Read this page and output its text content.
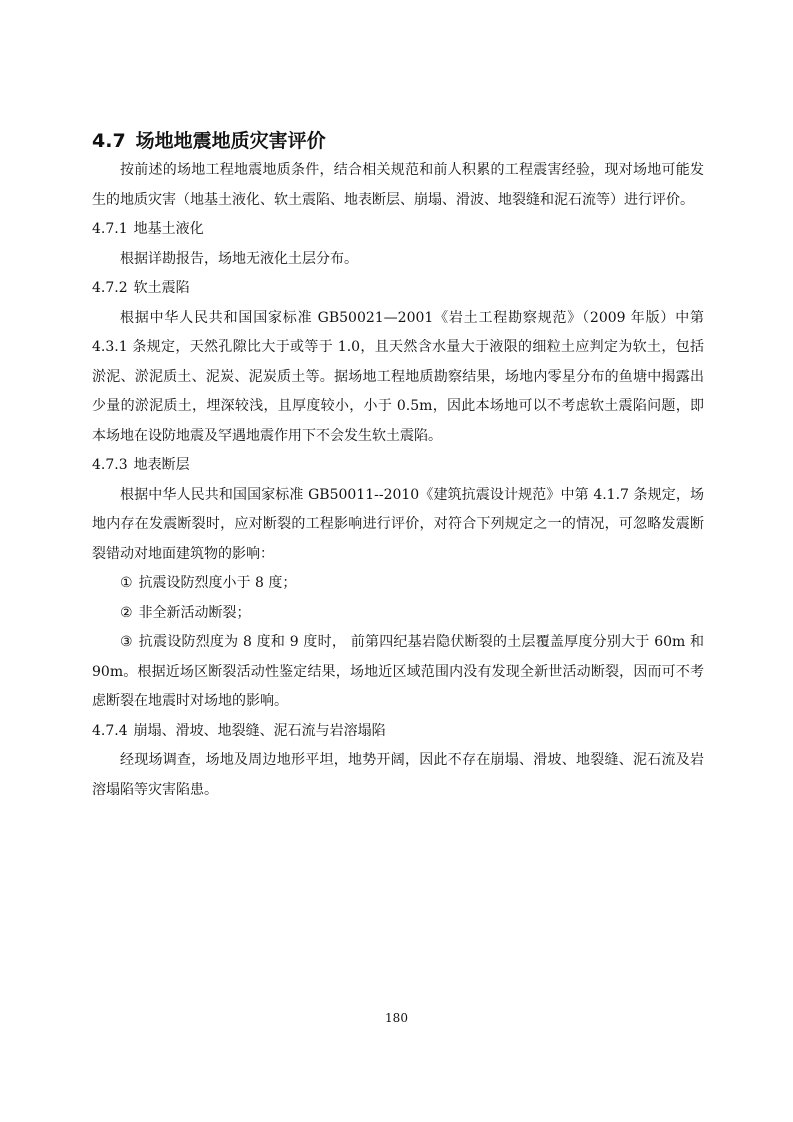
4.7 场地地震地质灾害评价

按前述的场地工程地震地质条件，结合相关规范和前人积累的工程震害经验，现对场地可能发生的地质灾害（地基土液化、软土震陷、地表断层、崩塌、滑波、地裂缝和泥石流等）进行评价。

4.7.1 地基土液化

根据详勘报告，场地无液化土层分布。

4.7.2 软土震陷

根据中华人民共和国国家标准 GB50021—2001《岩土工程勘察规范》（2009 年版）中第 4.3.1 条规定，天然孔隙比大于或等于 1.0，且天然含水量大于液限的细粒土应判定为软土，包括淤泥、淤泥质土、泥炭、泥炭质土等。据场地工程地质勘察结果，场地内零星分布的鱼塘中揭露出少量的淤泥质土，埋深较浅，且厚度较小，小于 0.5m，因此本场地可以不考虑软土震陷问题，即本场地在设防地震及罕遇地震作用下不会发生软土震陷。

4.7.3 地表断层

根据中华人民共和国国家标准 GB50011--2010《建筑抗震设计规范》中第 4.1.7 条规定，场地内存在发震断裂时，应对断裂的工程影响进行评价，对符合下列规定之一的情况，可忽略发震断裂错动对地面建筑物的影响：

① 抗震设防烈度小于 8 度；

② 非全新活动断裂；

③ 抗震设防烈度为 8 度和 9 度时， 前第四纪基岩隐伏断裂的土层覆盖厚度分别大于 60m 和 90m。根据近场区断裂活动性鉴定结果，场地近区域范围内没有发现全新世活动断裂，因而可不考虑断裂在地震时对场地的影响。

4.7.4 崩塌、滑坡、地裂缝、泥石流与岩溶塌陷

经现场调查，场地及周边地形平坦，地势开阔，因此不存在崩塌、滑坡、地裂缝、泥石流及岩溶塌陷等灾害陷患。

180
